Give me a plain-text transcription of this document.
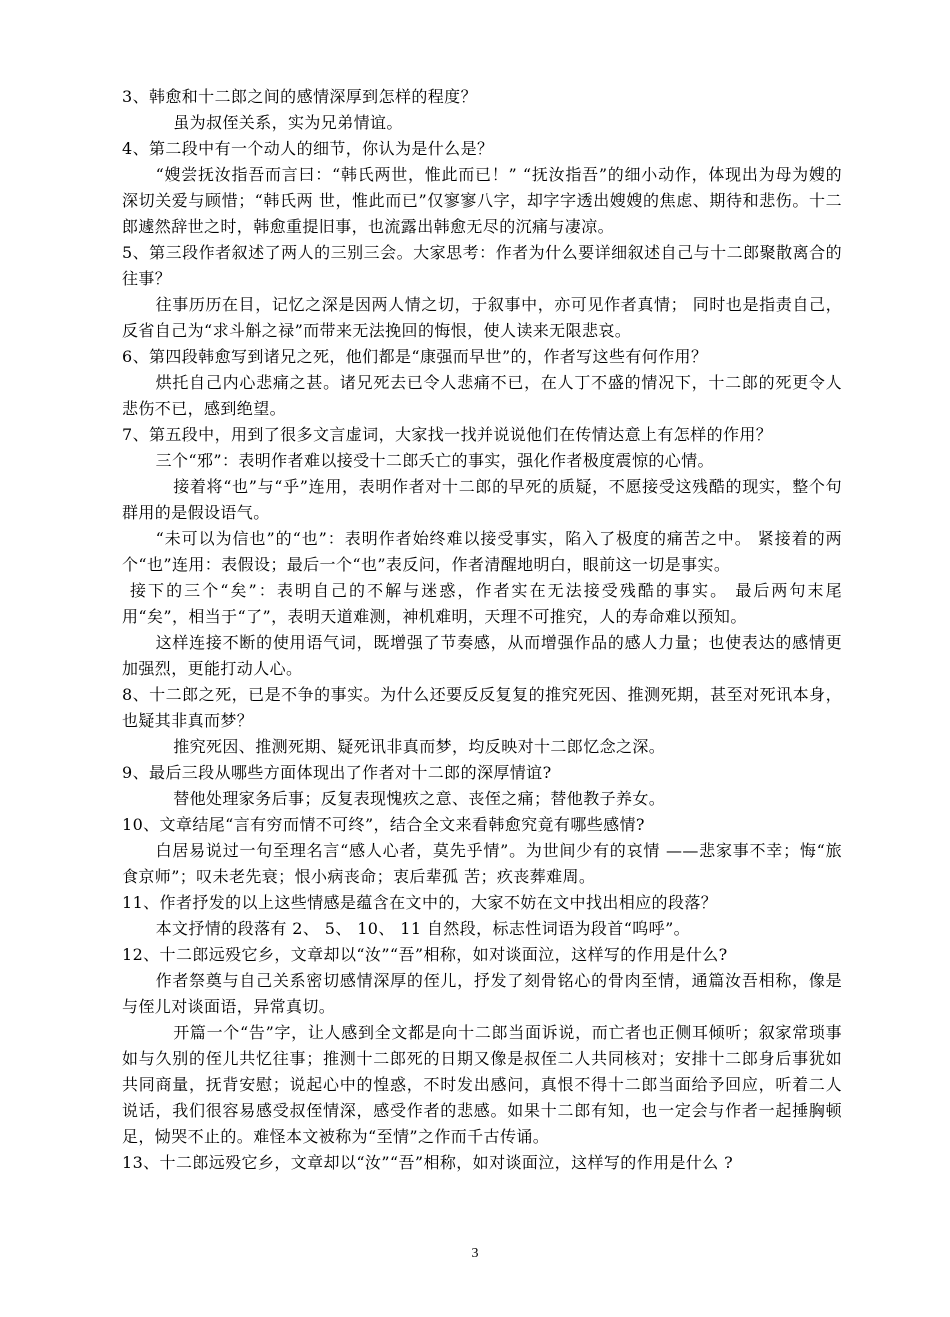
3、韩愈和十二郎之间的感情深厚到怎样的程度？

虽为叔侄关系，实为兄弟情谊。

4、第二段中有一个动人的细节，你认为是什么是？

“嫂尝抚汝指吾而言曰：“韩氏两世，惟此而已！” “抚汝指吾”的细小动作，体现出为母为嫂的深切关爱与顾惜；“韩氏两 世，惟此而已”仅寥寥八字，却字字透出嫂嫂的焦虑、期待和悲伤。十二郎遽然辞世之时，韩愈重提旧事，也流露出韩愈无尽的沉痛与凄凉。

5、第三段作者叙述了两人的三别三会。大家思考：作者为什么要详细叙述自己与十二郎聚散离合的往事？

往事历历在目，记忆之深是因两人情之切，于叙事中，亦可见作者真情； 同时也是指责自己，反省自己为“求斗斛之禄”而带来无法挽回的悔恨，使人读来无限悲哀。

6、第四段韩愈写到诸兄之死，他们都是“康强而早世”的，作者写这些有何作用？

烘托自己内心悲痛之甚。诸兄死去已令人悲痛不已，在人丁不盛的情况下，十二郎的死更令人悲伤不已，感到绝望。

7、第五段中，用到了很多文言虚词，大家找一找并说说他们在传情达意上有怎样的作用？

三个“邪”：表明作者难以接受十二郎夭亡的事实，强化作者极度震惊的心情。

接着将“也”与“乎”连用，表明作者对十二郎的早死的质疑，不愿接受这残酷的现实，整个句群用的是假设语气。

“未可以为信也”的“也”：表明作者始终难以接受事实，陷入了极度的痛苦之中。 紧接着的两个“也”连用：表假设；最后一个“也”表反问，作者清醒地明白，眼前这一切是事实。

接下的三个“矣”：表明自己的不解与迷惑，作者实在无法接受残酷的事实。 最后两句末尾用“矣”，相当于“了”，表明天道难测，神机难明，天理不可推究，人的寿命难以预知。

这样连接不断的使用语气词，既增强了节奏感，从而增强作品的感人力量；也使表达的感情更加强烈，更能打动人心。

8、十二郎之死，已是不争的事实。为什么还要反反复复的推究死因、推测死期，甚至对死讯本身，也疑其非真而梦？

推究死因、推测死期、疑死讯非真而梦，均反映对十二郎忆念之深。

9、最后三段从哪些方面体现出了作者对十二郎的深厚情谊?

替他处理家务后事；反复表现愧疚之意、丧侄之痛；替他教子养女。

10、文章结尾“言有穷而情不可终”，结合全文来看韩愈究竟有哪些感情?

白居易说过一句至理名言“感人心者，莫先乎情”。为世间少有的哀情 ——悲家事不幸；悔“旅食京师”；叹未老先衰；恨小病丧命；衷后辈孤 苦；疚丧葬难周。

11、作者抒发的以上这些情感是蕴含在文中的，大家不妨在文中找出相应的段落？

本文抒情的段落有 2、 5、 10、 11 自然段，标志性词语为段首“呜呼”。

12、十二郎远殁它乡，文章却以“汝”“吾”相称，如对谈面泣，这样写的作用是什么?

作者祭奠与自己关系密切感情深厚的侄儿，抒发了刻骨铭心的骨肉至情，通篇汝吾相称，像是与侄儿对谈面语，异常真切。

开篇一个“告”字，让人感到全文都是向十二郎当面诉说，而亡者也正侧耳倾听；叙家常琐事如与久别的侄儿共忆往事；推测十二郎死的日期又像是叔侄二人共同核对；安排十二郎身后事犹如共同商量，抚背安慰；说起心中的惶惑，不时发出感问，真恨不得十二郎当面给予回应，听着二人说话，我们很容易感受叔侄情深，感受作者的悲感。如果十二郎有知，也一定会与作者一起捶胸顿足，恸哭不止的。难怪本文被称为“至情”之作而千古传诵。

13、十二郎远殁它乡，文章却以“汝”“吾”相称，如对谈面泣，这样写的作用是什么 ?

3
